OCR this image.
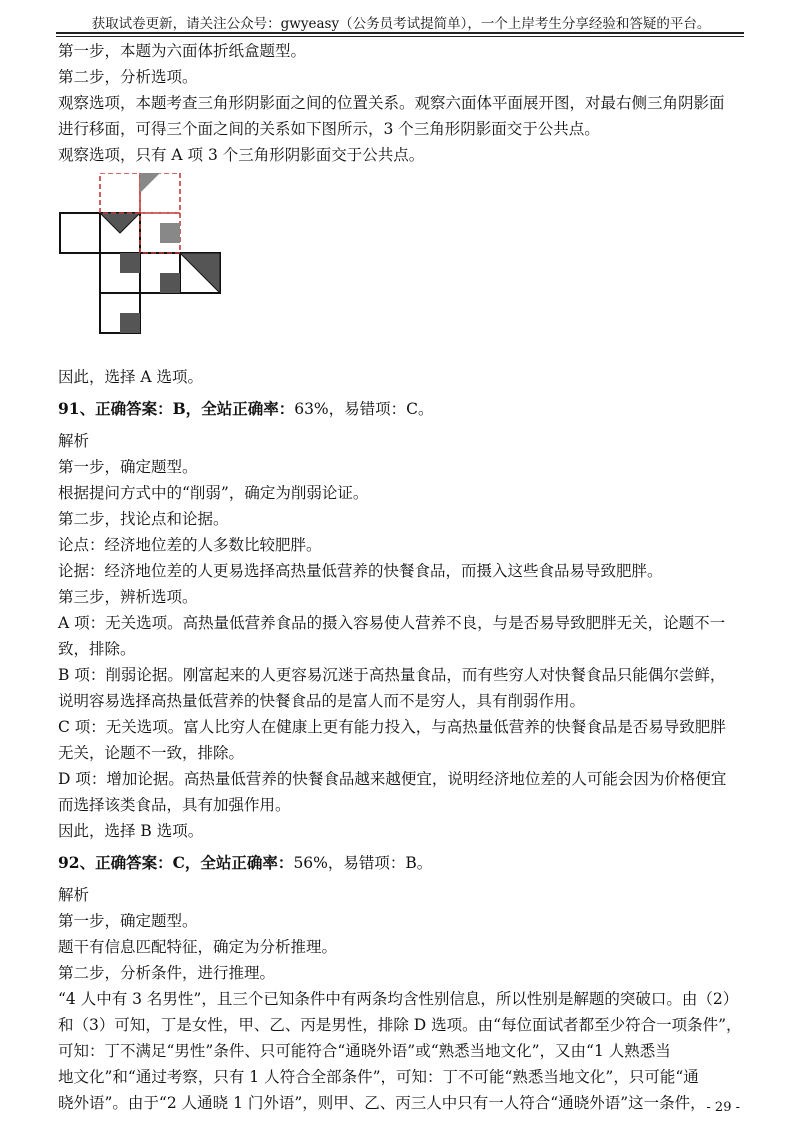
获取试卷更新，请关注公众号：gwyeasy（公务员考试提简单），一个上岸考生分享经验和答疑的平台。
第一步，本题为六面体折纸盒题型。
第二步，分析选项。
观察选项，本题考查三角形阴影面之间的位置关系。观察六面体平面展开图，对最右侧三角阴影面
进行移面，可得三个面之间的关系如下图所示，3 个三角形阴影面交于公共点。
观察选项，只有 A 项 3 个三角形阴影面交于公共点。
因此，选择 A 选项。
91、正确答案：B，全站正确率：63%，易错项：C。
解析
第一步，确定题型。
根据提问方式中的“削弱”，确定为削弱论证。
第二步，找论点和论据。
论点：经济地位差的人多数比较肥胖。
论据：经济地位差的人更易选择高热量低营养的快餐食品，而摄入这些食品易导致肥胖。
第三步，辨析选项。
A 项：无关选项。高热量低营养食品的摄入容易使人营养不良，与是否易导致肥胖无关，论题不一
致，排除。
B 项：削弱论据。刚富起来的人更容易沉迷于高热量食品，而有些穷人对快餐食品只能偶尔尝鲜，
说明容易选择高热量低营养的快餐食品的是富人而不是穷人，具有削弱作用。
C 项：无关选项。富人比穷人在健康上更有能力投入，与高热量低营养的快餐食品是否易导致肥胖
无关，论题不一致，排除。
D 项：增加论据。高热量低营养的快餐食品越来越便宜，说明经济地位差的人可能会因为价格便宜
而选择该类食品，具有加强作用。
因此，选择 B 选项。
92、正确答案：C，全站正确率：56%，易错项：B。
解析
第一步，确定题型。
题干有信息匹配特征，确定为分析推理。
第二步，分析条件，进行推理。
“4 人中有 3 名男性”，且三个已知条件中有两条均含性别信息，所以性别是解题的突破口。由（2）
和（3）可知，丁是女性，甲、乙、丙是男性，排除 D 选项。由“每位面试者都至少符合一项条件”，
可知：丁不满足“男性”条件、只可能符合“通晓外语”或“熟悉当地文化”，又由“1 人熟悉当
地文化”和“通过考察，只有 1 人符合全部条件”，可知：丁不可能“熟悉当地文化”，只可能“通
晓外语”。由于“2 人通晓 1 门外语”，则甲、乙、丙三人中只有一人符合“通晓外语”这一条件， - 29 -
